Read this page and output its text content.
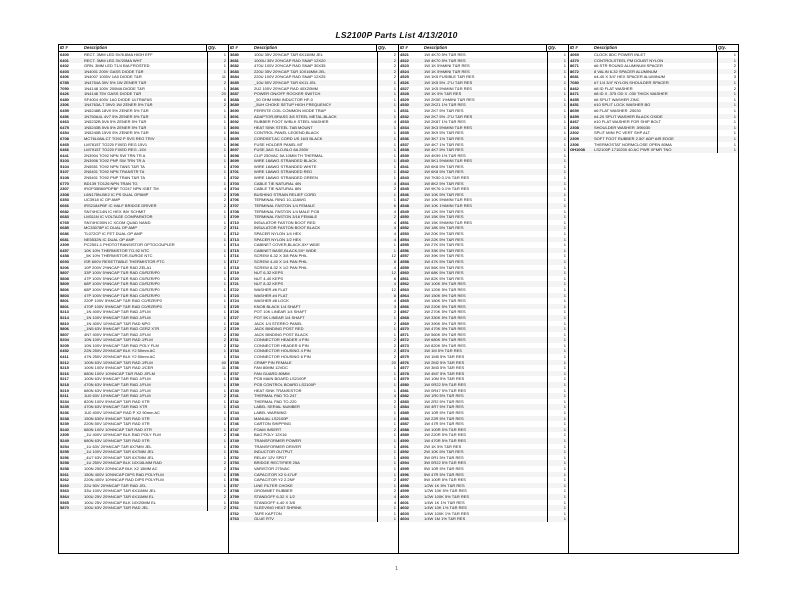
LS2100P Parts List 4/13/2010
ID #	Description	Qty.
6400	RECT. 3MM LED 5V/6.6MA HIGH EFF	1
6401	RECT. 3MM LED 3V/20MA WHT	2
6402	GRN. 3MM LED T1/4 BIA FROSTED	1
6403	1N4001 200V GASS DIODE T&R	1
6406	1N4007 1000V 1A0 DIODE T&R	11
6785	1N4754A 39V 5% 1W ZENER T&R	2
7050	1N4148 100V 200MA DIODE T&R	1
6426	1N4148 75V GASS DIODE T&R	20
6480	SF4004 400V 1A0 DIODE ULTRAFAS	6
2306	1N4763A-T 39V0 1W ZENER 5% T&R	2
6455	1N5248B 18V0 5% ZENER 5% T&R	1
6456	1N750A4L 4V7 5% ZENER 5% T&R	1
6463	1N5232B 5V6 5% ZENER 5% T&R	1
6475	1N5243B 5V6 5% ZENER 5% T&R	1
6454	1N5240B 15V0 5% ZENER 5% T&R	1
6708	MCT6L08A-CT TO92 P SVS REG TR/V	1
6465	LM7815T TO220 FIXED REG 15V1	1
6466	LM7915T TO220 FIXED REG -15V	1
6441	2N3904 TO92 NPN SW TRN TR A	1
5103	2N3906 TO92 PNP SW TRN TR A	1
5104	2N5551 TO92 NPN TANS T&R TA	1
5107	2N5401 TO92 NPN TRANSTR TA	1
5108	2N5401 TO92 PNP TRAN T&R TA	1
6770	BD139 TO126 NPN TRAN TG	1
2307	IRGP35B60PDPBF TO247 NPN IGBT TM	4
2308	L6N175N-BK2 IC PS DUAL OPAMP	2
6353	UC3918 IC OP AMP	2
6666	IRS2184PBF IC HALF BRIDGE DRIVER	2
6682	SN74HC14N IC HEX INV SCHMIT	1
6683	LM311N IC VOLTAGE COMPARATOR	1
6765	SN74HC00N IC XCOM QUAD NAND	1
6685	MC33078P IC DUAL OP AMP	2
6686	TL072CP IC FET DUAL OP AMP	1
6681	NE5532N IC DUAL OP AMP	1
2309	PC2501-1 PHOTOTRANSISTOR OPTOCOUPLER	1
6457	10K 10% THERMISTOR TO-92 NTC	1
6458	_5K 10% THERMISTOR-SURGE NTC	1
6693	ISR 600V RESETTABLE THERMISTOR PTC	1
5206	10P 200V 2%NCAP T&R RAD ZELA1	1
5807	33P 100V 5%NCAP T&R RAD C0/RZR/P0	1
5808	47P 100V 5%NCAP T&R RAD C0/RZR/P0	1
5809	68P 100V 5%NCAP T&R RAD C0/RZR/P0	1
5806	68P 100V 5%NCAP T&R RAD C0/RZR/P0	1
5803	47P 100V 5%NCAP T&R RAD C0/RZR/P0	1
5801	220P 100V 5%NCAP T&R RAD C0/RZR/P0	1
5801	470P 100V 5%NCAP T&R RAD C0/RZR/P0	1
5213	_1N 400V 5%NCAP T&R RAD J/FLM	1
5214	_1N 100V 5%NCAP T&R RAD J/FLM	1
5810	_1N 400V 10%NCAP T&R RAD NPO	1
5806	_1N5 63V 5%NCAP T&R RAD CERZ X7R	2
5807	4N7 400V 5%NCAP T&R RAD J/FLM	2
5204	10N 100V 10%NCAP T&R RAD J/FLM	2
5205	10N 100V 5%NCAP T&R RAD POLY FLM	2
6452	22N 250V 20%NCAP BLK Y2 50mm AC	1
6411	47N 250V 20%NCAP BLK Y2 50mm AC	1
5212	100N 63V 10%NCAP T&R RAD J/FLM	40
5215	100N 100V 5%NCAP T&R RAD J/CER	11
5216	680N 100V 10%NCAP T&R RAD J/FLM	1
5217	100N 63V 5%NCAP T&R RAD J/FLM	1
5218	470N 63V 5%NCAP T&R RAD J/FLM	1
5219	680N 63V 5%NCAP T&R RAD J/FLM	1
5211	1U0 63V 10%NCAP T&R RAD J/FLM	2
5234	820N 100V 5%NCAP T&R RAD XTR	1
5235	470N 63V 5%NCAP T&R RAD XTR	1
5236	1U0 400V 10%NCAP RAD P X2 50mm AC	1
5238	150N 630V 5%NCAP T&R RAD XTR	1
5239	220N 50V 10%NCAP T&R RAD XTR	1
5240	680N 100V 10%NCAP T&R RAD XTR	1
2305	_1U 400V 10%NCAP BLK RAD POLY FLM	2
5249	680N 63V 10%NCAP T&R RAD XTR	1
5254	_1U 63V 20%NCAP T&R 6X7MM JEL	1
5255	_1U 100V 20%NCAP T&R 6X7MM JEL	1
5256	_4U7 63V 20%NCAP T&R 6X7MM JEL	1
5258	_1U 250V 20%NCAP BLK 10X16LMM RAD	2
5258	100N 250V 20%NCAP BLK X2 15MM AC	2
5261	150N 400V 10%NCAP DIPS RAD POLYFLM	1
5262	220N 400V 10%NCAP RAD DIPS POLYFLM	1
5260	22U 50V 20%NCAP T&R RAD JEL	1
5363	33U 100V 20%NCAP T&R 6X11MM JEL	2
5364	100U 25V 20%NCAP T&R 6X11MM EL	2
5365	100U 25V 20%NCAP BLK 10X20MM EL	1
5870	100U 63V 20%NCAP T&R RAD JEL	2
ID #	Description	Qty.
3680	100U 35V 20%CAP T&R 6X11MM JEL	2
3681	1000U 35V 20%CAP RAD SNAP 12X20	2
3682	470U 100V 20%CAP RAD SNAP 30X35	2
3683	220U 35V 20%CAP T&R 10X16MM JEL	2
3684	220U 100V 20%CAP RAD SNAP 12X25	2
3685	_10U 50V 20%CAP T&R 6X11 JEL	1
3686	2U2 100V 20%CAP RAD 40X20MM	1
3687	POWER ON/OFF ROCKER SWITCH	1
3688	_50 OHM MINI INDUCTOR HF-0	1
3689	_5UH CHOKE SETUP HIGH FREQUENCY	1
3690	FERRITE COIL COMMON MODE TRAP	1
3691	ADAPTOR,BRASS 3/8 STEEL METAL,BLACK	1
3692	RUBBER FOOT W/BLK STEEL WASHER	4
3693	HEAT SINK STEEL TAB MOUNT	1
3694	CONTROL PANEL LEGEND,BLACK	1
3695	CORDSET,AC CORD US 16/3 BLACK	1
3696	FUSE HOLDER PANEL MT	1
3697	FUSE,3AG SLO-BLO 8A 250V	1
3698	CLIP 250VAC 5A 10MM TH THERMAL	1
3699	WIRE 18AWG STRANDED BLACK	1
3700	WIRE 18AWG STRANDED WHITE	1
3701	WIRE 18AWG STRANDED RED	1
3702	WIRE 18AWG STRANDED GREEN	1
3703	CABLE TIE NATURAL 4IN	4
3704	CABLE TIE NATURAL 8IN	2
3705	BUSHING STRAIN RELIEF CORD	1
3706	TERMINAL RING 10-12AWG	1
3707	TERMINAL FASTON 1/4 FEMALE	6
3708	TERMINAL FASTON 1/4 MALE PCB	4
3709	TERMINAL FASTON 3/16 FEMALE	2
3710	INSULATOR FASTON BOOT RED	4
3711	INSULATOR FASTON BOOT BLACK	4
3712	SPACER NYLON 1/4 HEX	4
3713	SPACER NYLON 1/2 HEX	4
3714	CABINET COVER,BLACK,5X* WIDE	1
3715	CABINET BASE,BLACK,5X* WIDE	1
3716	SCREW 6-32 X 3/8 PAN PHIL	12
3717	SCREW 4-40 X 1/4 PAN PHIL	8
3718	SCREW 8-32 X 1/2 PAN PHIL	4
3719	NUT 6-32 KEPS	12
3720	NUT 4-40 KEPS	8
3721	NUT 8-32 KEPS	4
3722	WASHER #6 FLAT	12
3723	WASHER #4 FLAT	8
3724	WASHER #8 LOCK	4
3725	KNOB BLACK 1/4 SHAFT	3
3726	POT 10K LINEAR 1/4 SHAFT	2
3727	POT 5K LINEAR 1/4 SHAFT	1
3728	JACK 1/4 STEREO PANEL	2
3729	JACK BINDING POST RED	1
3730	JACK BINDING POST BLACK	1
3731	CONNECTOR HEADER 4 PIN	2
3732	CONNECTOR HEADER 6 PIN	2
3733	CONNECTOR HOUSING 4 PIN	2
3734	CONNECTOR HOUSING 6 PIN	2
3735	CRIMP PIN FEMALE	20
3736	FAN 80MM 12VDC	1
3737	FAN GUARD 80MM	1
3738	PCB MAIN BOARD LS2100P	1
3739	PCB CONTROL BOARD LS2100P	1
3740	HEAT SINK TRANSISTOR	1
3741	THERMAL PAD TO-247	4
3742	THERMAL PAD TO-220	2
3743	LABEL SERIAL NUMBER	1
3744	LABEL WARNING	1
3745	MANUAL LS2100P	1
3746	CARTON SHIPPING	1
3747	FOAM INSERT	2
3748	BAG POLY 12X16	1
3749	TRANSFORMER POWER	1
3750	TRANSFORMER DRIVER	1
3751	INDUCTOR OUTPUT	1
3752	RELAY 12V SPDT	1
3753	BRIDGE RECTIFIER 25A	1
3754	VARISTOR 275VAC	1
3755	CAPACITOR X2 0.47UF	1
3756	CAPACITOR Y2 2.2NF	2
3757	LINE FILTER CHOKE	1
3758	GROMMET RUBBER	2
3759	STANDOFF 6-32 X 1/2	4
3760	STANDOFF 4-40 X 3/8	4
3761	SLEEVING HEAT SHRINK	1
3762	TAPE KAPTON	1
3763	GLUE RTV	1
ID #	Description	Qty.
4521	1W 4K70 5% T&R RES	1
4522	1W 4K70 5% T&R RES	1
4523	1W 1K 5%MINI T&R RES	1
4524	1W 1K 5%MINI T&R RES	1
4525	1W 1K5 FUSIBLE T&R RES	1
4526	1W 1K5 5% .2"U T&R RES	1
4527	1W 1K5 5%MINI T&R RES	1
4528	1W 1K 5% T&R RES	1
4529	1W 2K0E 1%MINI T&R RES	1
4530	1W 2K21 1% T&R RES	1
4531	1W 2K7 5% T&R RES	1
4532	1W 2K7 5% .2"U T&R RES	1
4533	1W 2K87 1% T&R RES	1
4534	1W 3K3 5%MINI T&R RES	1
4535	1W 3K9 5% T&R RES	1
4536	1W 3K7 1% T&R RES	1
4537	1W 4K7 1% T&R RES	1
4538	1W 4K7 5% T&R RES	1
4539	1W 4K99 1% T&R RES	1
4540	1W 5K1 5%MINI T&R RES	1
4541	1W 6K8 5% T&R RES	1
4542	1W 6K8 5% T&R RES	1
4543	1W 7K50 0.1% T&R RES	1
4544	1W 8K2 5% T&R RES	1
4545	1W 9K76 0.1% T&R RES	1
4546	1W 10K 5% T&R RES	1
4547	1W 10K 5%MINI T&R RES	1
4548	1W 10K 1%MINI T&R RES	1
4549	1W 12K 5% T&R RES	1
4550	1W 15K 5% T&R RES	1
4551	1W 15K 5%MINI T&R RES	1
4552	1W 18K 5% T&R RES	1
4553	1W 20K 5% T&R RES	1
4554	1W 22K 5% T&R RES	1
4555	1W 27K 5% T&R RES	1
4556	1W 33K 5% T&R RES	1
4557	1W 39K 5% T&R RES	1
4558	1W 47K 5% T&R RES	1
4559	1W 56K 5% T&R RES	1
4560	1W 68K 5% T&R RES	1
4561	1W 82K 5% T&R RES	1
4562	1W 100K 5% T&R RES	1
4563	1W 120K 5% T&R RES	1
4564	1W 150K 5% T&R RES	1
4565	1W 180K 5% T&R RES	1
4566	1W 220K 5% T&R RES	1
4567	1W 270K 5% T&R RES	1
4568	1W 330K 5% T&R RES	1
4569	1W 390K 5% T&R RES	1
4570	1W 470K 5% T&R RES	1
4571	1W 560K 5% T&R RES	1
4572	1W 680K 5% T&R RES	1
4573	1W 820K 5% T&R RES	1
4574	1W 1M 5% T&R RES	1
4575	1W 1M5 5% T&R RES	1
4576	1W 2M2 5% T&R RES	1
4577	1W 3M3 5% T&R RES	1
4578	1W 4M7 5% T&R RES	1
4579	1W 10M 5% T&R RES	1
4580	1W 0R22 5% T&R RES	1
4581	1W 0R47 5% T&R RES	1
4582	1W 1R0 5% T&R RES	1
4583	1W 2R2 5% T&R RES	1
4584	1W 4R7 5% T&R RES	1
4585	1W 10R 5% T&R RES	1
4586	1W 22R 5% T&R RES	1
4587	1W 47R 5% T&R RES	1
4588	1W 100R 5% T&R RES	1
4589	1W 220R 5% T&R RES	1
4590	1W 470R 5% T&R RES	1
4591	2W 1K 5% T&R RES	1
4592	2W 10K 5% T&R RES	1
4593	3W 0R1 5% T&R RES	1
4594	3W 0R22 5% T&R RES	1
4595	5W 10R 5% T&R RES	1
4596	5W 47R 5% T&R RES	1
4597	5W 100R 5% T&R RES	1
4598	1/2W 1K 5% T&R RES	1
4599	1/2W 10K 5% T&R RES	1
4600	1/2W 100K 5% T&R RES	1
4601	1/4W 1K 1% T&R RES	1
4602	1/4W 10K 1% T&R RES	1
4603	1/4W 100K 1% T&R RES	1
4604	1/4W 1M 1% T&R RES	1
ID #	Description	Qty.
4069	CLOCK 8DC POWER INLET	1
4370	CONTROLSTEEL PM DOUBT NYLON	1
8671	#6 STR ROUND ALUMINUM SPACER	2
8672	8 VALIN 6-32 SPACER ALUMINUM	2
8681	#4-40 X 3/4" HEX SPACER ALUMINUM	3
7080	#7 1/4 3/4" NYLON SHOULDER SPACER	1
8462	#8 ID FLAT WASHER	2
8471	#8 ID X .375 OD X .030 THICK WASHER	1
8455	#6 SPLIT WASHER ZINC	1
8451	#10 SPLIT LOCK WASHER BO	1
8659	#6 FLAT WASHER .25030	1
8459	#4-20 SPLIT WASHER BLACK OXIDE	1
8467	#10 FLAT WASHER FOR SHIP BOLT	1
2308	SHOULDER WASHER .595030	1
2302	SPLIT MINI PC VERT SHP ALT	1
2309	SOFT FOOT RUBBER 2.50" ADP AIR EDGE	1
2306	THERMOSTAT NORMCLOSE OPEN 80MA	1
GH1008	LS2100P 1710200 40 AC PWR XFMR TNO	1
1
